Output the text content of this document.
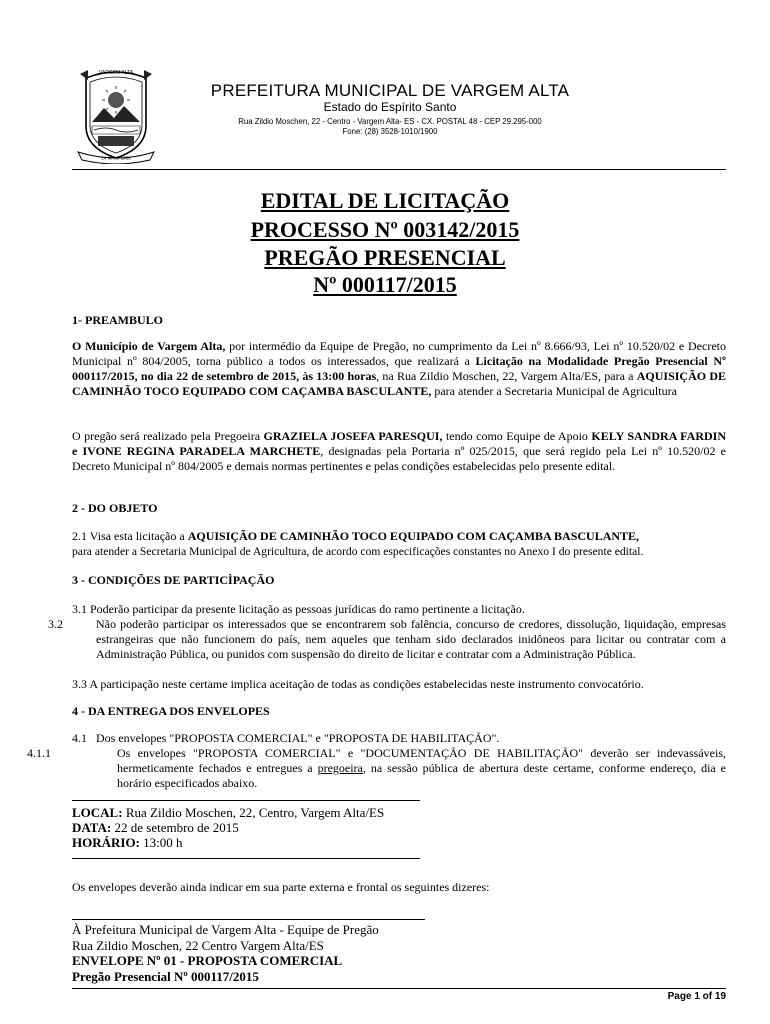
VARGEM ALTA
14 MAIO 1988
PREFEITURA MUNICIPAL DE VARGEM ALTA
Estado do Espírito Santo
Rua Zildio Moschen, 22 - Centro - Vargem Alta- ES - CX. POSTAL 48 - CEP 29.295-000
Fone: (28) 3528-1010/1900
EDITAL DE LICITAÇÃO
PROCESSO Nº 003142/2015
PREGÃO PRESENCIAL
Nº 000117/2015
1- PREAMBULO
O Município de Vargem Alta, por intermédio da Equipe de Pregão, no cumprimento da Lei nº 8.666/93, Lei nº 10.520/02 e Decreto Municipal nº 804/2005, torna público a todos os interessados, que realizará a Licitação na Modalidade Pregão Presencial Nº 000117/2015, no dia 22 de setembro de 2015, às 13:00 horas, na Rua Zildio Moschen, 22, Vargem Alta/ES, para a AQUISIÇÃO DE CAMINHÃO TOCO EQUIPADO COM CAÇAMBA BASCULANTE, para atender a Secretaria Municipal de Agricultura
O pregão será realizado pela Pregoeira GRAZIELA JOSEFA PARESQUI, tendo como Equipe de Apoio KELY SANDRA FARDIN e IVONE REGINA PARADELA MARCHETE, designadas pela Portaria nº 025/2015, que será regido pela Lei nº 10.520/02 e Decreto Municipal nº 804/2005 e demais normas pertinentes e pelas condições estabelecidas pelo presente edital.
2 - DO OBJETO
2.1 Visa esta licitação a AQUISIÇÃO DE CAMINHÃO TOCO EQUIPADO COM CAÇAMBA BASCULANTE,
para atender a Secretaria Municipal de Agricultura, de acordo com especificações constantes no Anexo I do presente edital.
3 - CONDIÇÕES DE PARTICÌPAÇÃO
3.1 Poderão participar da presente licitação as pessoas jurídicas do ramo pertinente a licitação.
3.2	Não poderão participar os interessados que se encontrarem sob falência, concurso de credores, dissolução, liquidação, empresas estrangeiras que não funcionem do país, nem aqueles que tenham sido declarados inidôneos para licitar ou contratar com a Administração Pública, ou punidos com suspensão do direito de licitar e contratar com a Administração Pública.
3.3 A participação neste certame implica aceitação de todas as condições estabelecidas neste instrumento convocatório.
4 - DA ENTREGA DOS ENVELOPES
4.1 Dos envelopes "PROPOSTA COMERCIAL" e "PROPOSTA DE HABILITAÇÃO".
4.1.1	Os envelopes "PROPOSTA COMERCIAL" e "DOCUMENTAÇÃO DE HABILITAÇÃO" deverão ser indevassáveis, hermeticamente fechados e entregues a pregoeira, na sessão pública de abertura deste certame, conforme endereço, dia e horário especificados abaixo.
LOCAL: Rua Zildio Moschen, 22, Centro, Vargem Alta/ES
DATA: 22 de setembro de 2015
HORÁRIO: 13:00 h
Os envelopes deverão ainda indicar em sua parte externa e frontal os seguintes dizeres:
À Prefeitura Municipal de Vargem Alta - Equipe de Pregão
Rua Zildio Moschen, 22 Centro Vargem Alta/ES
ENVELOPE Nº 01 - PROPOSTA COMERCIAL
Pregão Presencial Nº 000117/2015
Page 1 of 19
